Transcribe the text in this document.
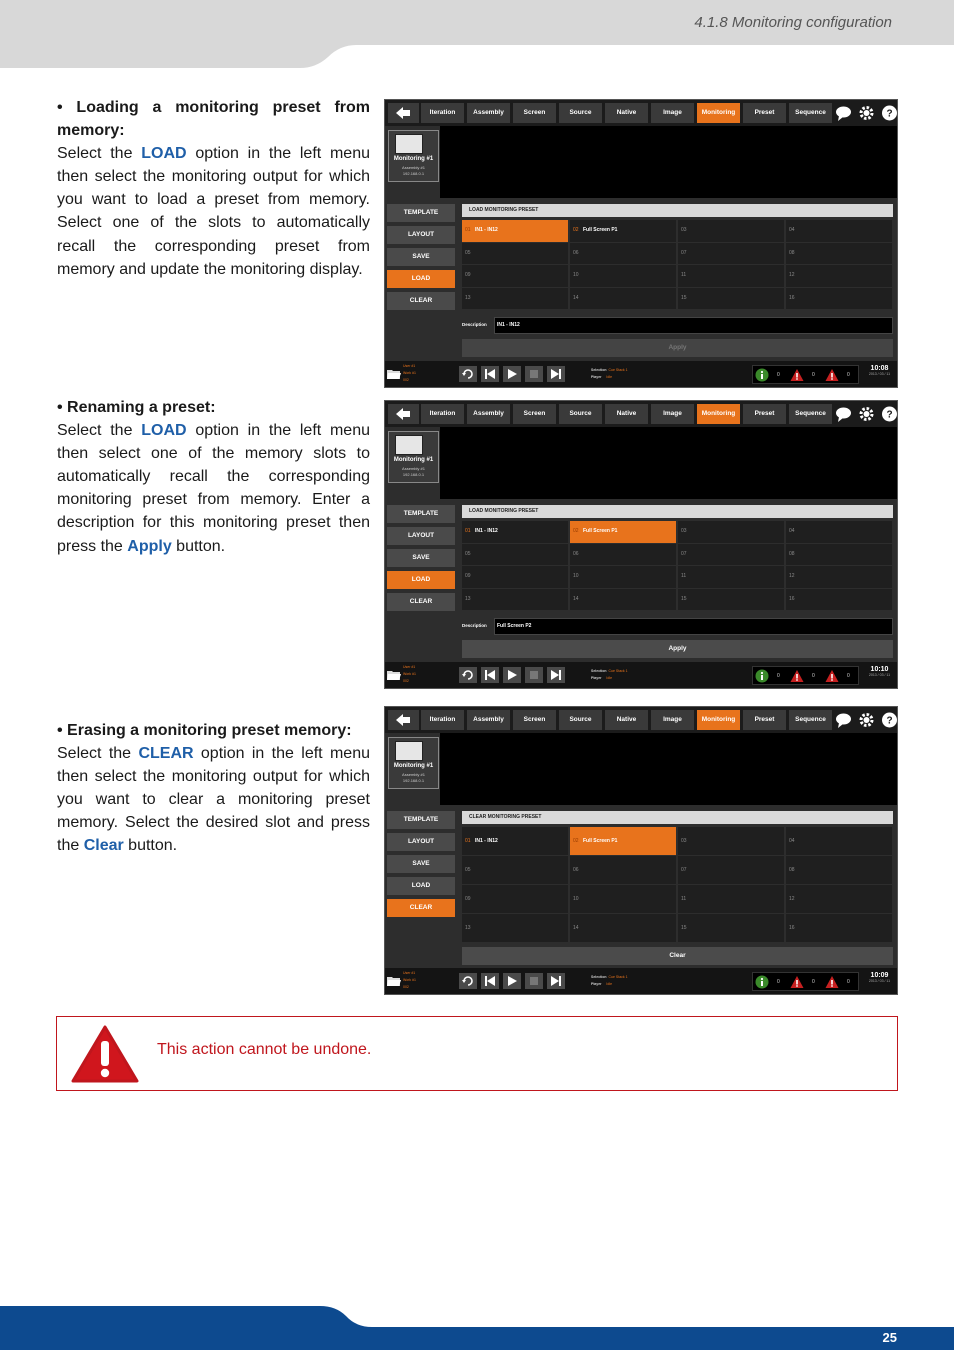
4.1.8 Monitoring configuration
• Loading a monitoring preset from memory:
Select the LOAD option in the left menu then select the monitoring output for which you want to load a preset from memory. Select one of the slots to automatically recall the corresponding preset from memory and update the monitoring display.
• Renaming a preset:
Select the LOAD option in the left menu then select one of the memory slots to automatically recall the corresponding monitoring preset from memory. Enter a description for this monitoring preset then press the Apply button.
• Erasing a monitoring preset memory:
Select the CLEAR option in the left menu then select the monitoring output for which you want to clear a monitoring preset memory. Select the desired slot and press the Clear button.
Iteration	Assembly	Screen	Source	Native	Image	Monitoring	Preset	Sequence	?
Monitoring #1
Assembly #1
192.168.0.1
TEMPLATE
LAYOUT
SAVE
LOAD
CLEAR
LOAD MONITORING PRESET
01 IN1 - IN12	02 Full Screen P1	03	04
05	06	07	08
09	10	11	12
13	14	15	16
Description	IN1 - IN12
Apply
User #1
Work #1
002
Selection Cue Stack 1
Player Idle	0	0	0
10:08
2013 / 03 / 11
Iteration	Assembly	Screen	Source	Native	Image	Monitoring	Preset	Sequence	?
Monitoring #1
Assembly #1
192.168.0.1
TEMPLATE
LAYOUT
SAVE
LOAD
CLEAR
LOAD MONITORING PRESET
01 IN1 - IN12	02 Full Screen P1	03	04
05	06	07	08
09	10	11	12
13	14	15	16
Description	Full Screen P2
Apply
User #1
Work #1
002
Selection Cue Stack 1
Player Idle	0	0	0
10:10
2013 / 03 / 11
Iteration	Assembly	Screen	Source	Native	Image	Monitoring	Preset	Sequence	?
Monitoring #1
Assembly #1
192.168.0.1
TEMPLATE
LAYOUT
SAVE
LOAD
CLEAR
CLEAR MONITORING PRESET
01 IN1 - IN12	02 Full Screen P1	03	04
05	06	07	08
09	10	11	12
13	14	15	16
Clear
User #1
Work #1
002
Selection Cue Stack 1
Player Idle	0	0	0
10:09
2013 / 03 / 11
This action cannot be undone.
25
